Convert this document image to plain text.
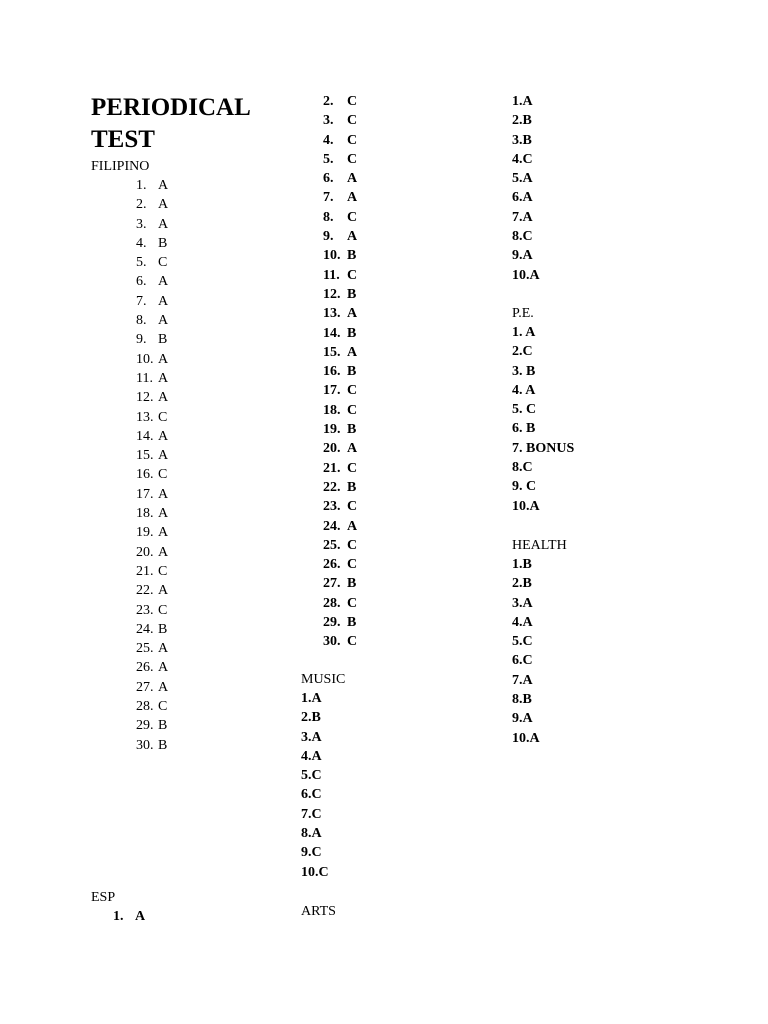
PERIODICAL TEST
FILIPINO
1. A
2. A
3. A
4. B
5. C
6. A
7. A
8. A
9. B
10. A
11. A
12. A
13. C
14. A
15. A
16. C
17. A
18. A
19. A
20. A
21. C
22. A
23. C
24. B
25. A
26. A
27. A
28. C
29. B
30. B
ESP
1. A
2. C
3. C
4. C
5. C
6. A
7. A
8. C
9. A
10. B
11. C
12. B
13. A
14. B
15. A
16. B
17. C
18. C
19. B
20. A
21. C
22. B
23. C
24. A
25. C
26. C
27. B
28. C
29. B
30. C
MUSIC
1.A
2.B
3.A
4.A
5.C
6.C
7.C
8.A
9.C
10.C
ARTS
1.A
2.B
3.B
4.C
5.A
6.A
7.A
8.C
9.A
10.A
P.E.
1. A
2.C
3. B
4. A
5. C
6. B
7. BONUS
8.C
9. C
10.A
HEALTH
1.B
2.B
3.A
4.A
5.C
6.C
7.A
8.B
9.A
10.A
